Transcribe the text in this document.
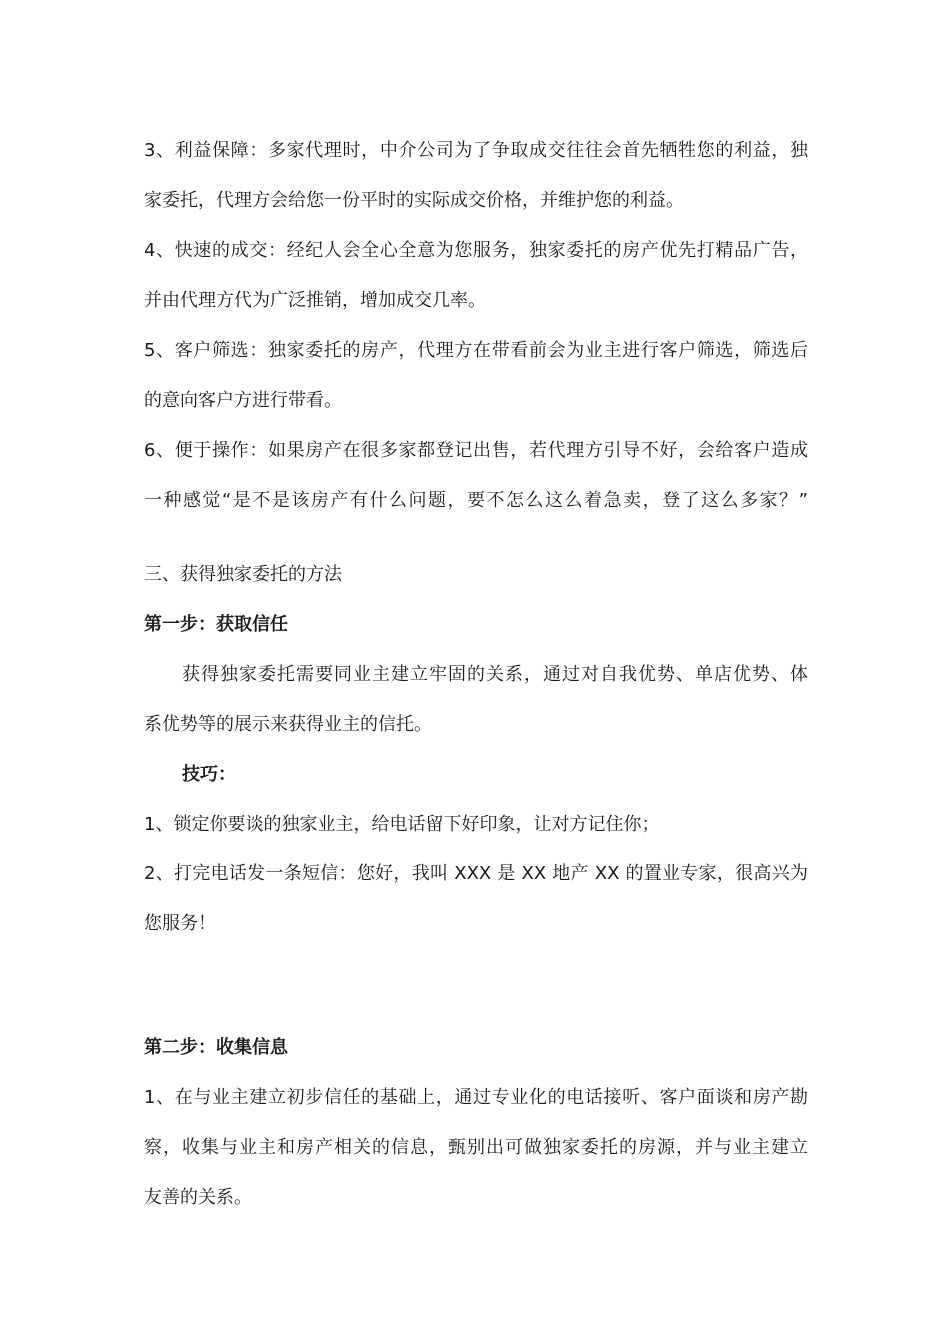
3、利益保障：多家代理时，中介公司为了争取成交往往会首先牺牲您的利益，独
家委托，代理方会给您一份平时的实际成交价格，并维护您的利益。
4、快速的成交：经纪人会全心全意为您服务，独家委托的房产优先打精品广告，
并由代理方代为广泛推销，增加成交几率。
5、客户筛选：独家委托的房产，代理方在带看前会为业主进行客户筛选，筛选后
的意向客户方进行带看。
6、便于操作：如果房产在很多家都登记出售，若代理方引导不好，会给客户造成
一种感觉“是不是该房产有什么问题，要不怎么这么着急卖，登了这么多家？”
三、获得独家委托的方法
第一步：获取信任
获得独家委托需要同业主建立牢固的关系，通过对自我优势、单店优势、体
系优势等的展示来获得业主的信托。
技巧：
1、锁定你要谈的独家业主，给电话留下好印象，让对方记住你；
2、打完电话发一条短信：您好，我叫 XXX 是 XX 地产 XX 的置业专家，很高兴为
您服务！
第二步：收集信息
1、在与业主建立初步信任的基础上，通过专业化的电话接听、客户面谈和房产勘
察，收集与业主和房产相关的信息，甄别出可做独家委托的房源，并与业主建立
友善的关系。
